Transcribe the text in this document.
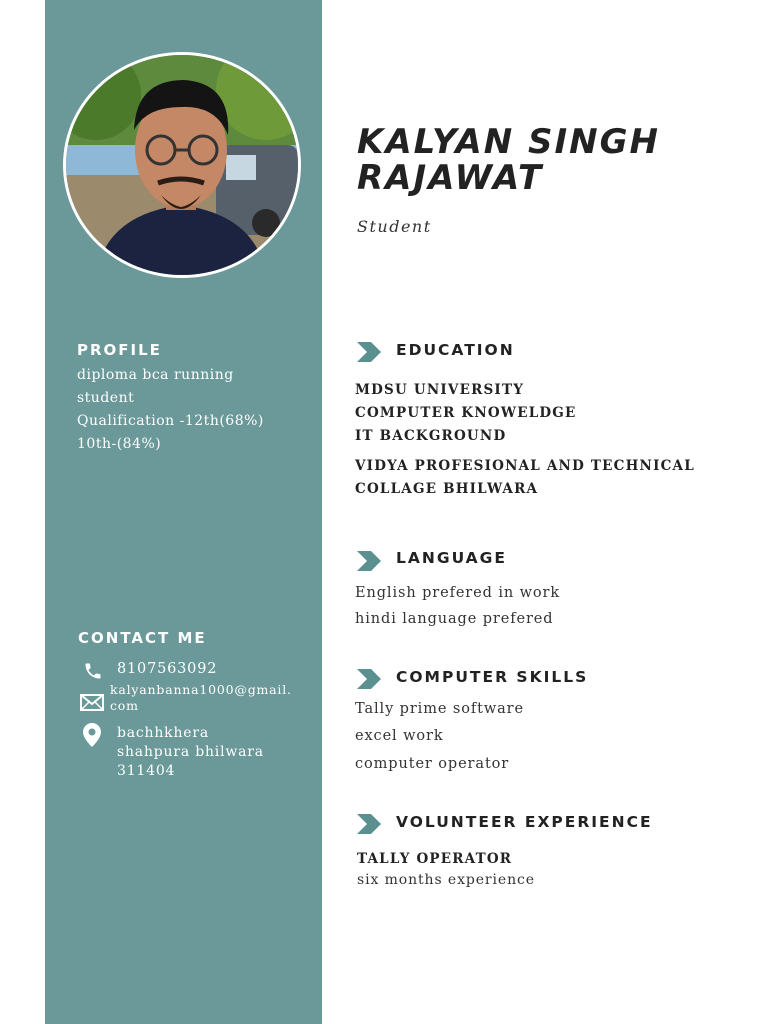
PROFILE
diploma bca running
student
Qualification -12th(68%)
10th-(84%)
CONTACT ME
8107563092
kalyanbanna1000@gmail.
com
bachhkhera
shahpura bhilwara
311404
KALYAN SINGH
RAJAWAT
Student
EDUCATION
MDSU UNIVERSITY
COMPUTER KNOWELDGE
IT BACKGROUND
VIDYA PROFESIONAL AND TECHNICAL
COLLAGE BHILWARA
LANGUAGE
English prefered in work
hindi language prefered
COMPUTER SKILLS
Tally prime software
excel work
computer operator
VOLUNTEER EXPERIENCE
TALLY OPERATOR
six months experience
